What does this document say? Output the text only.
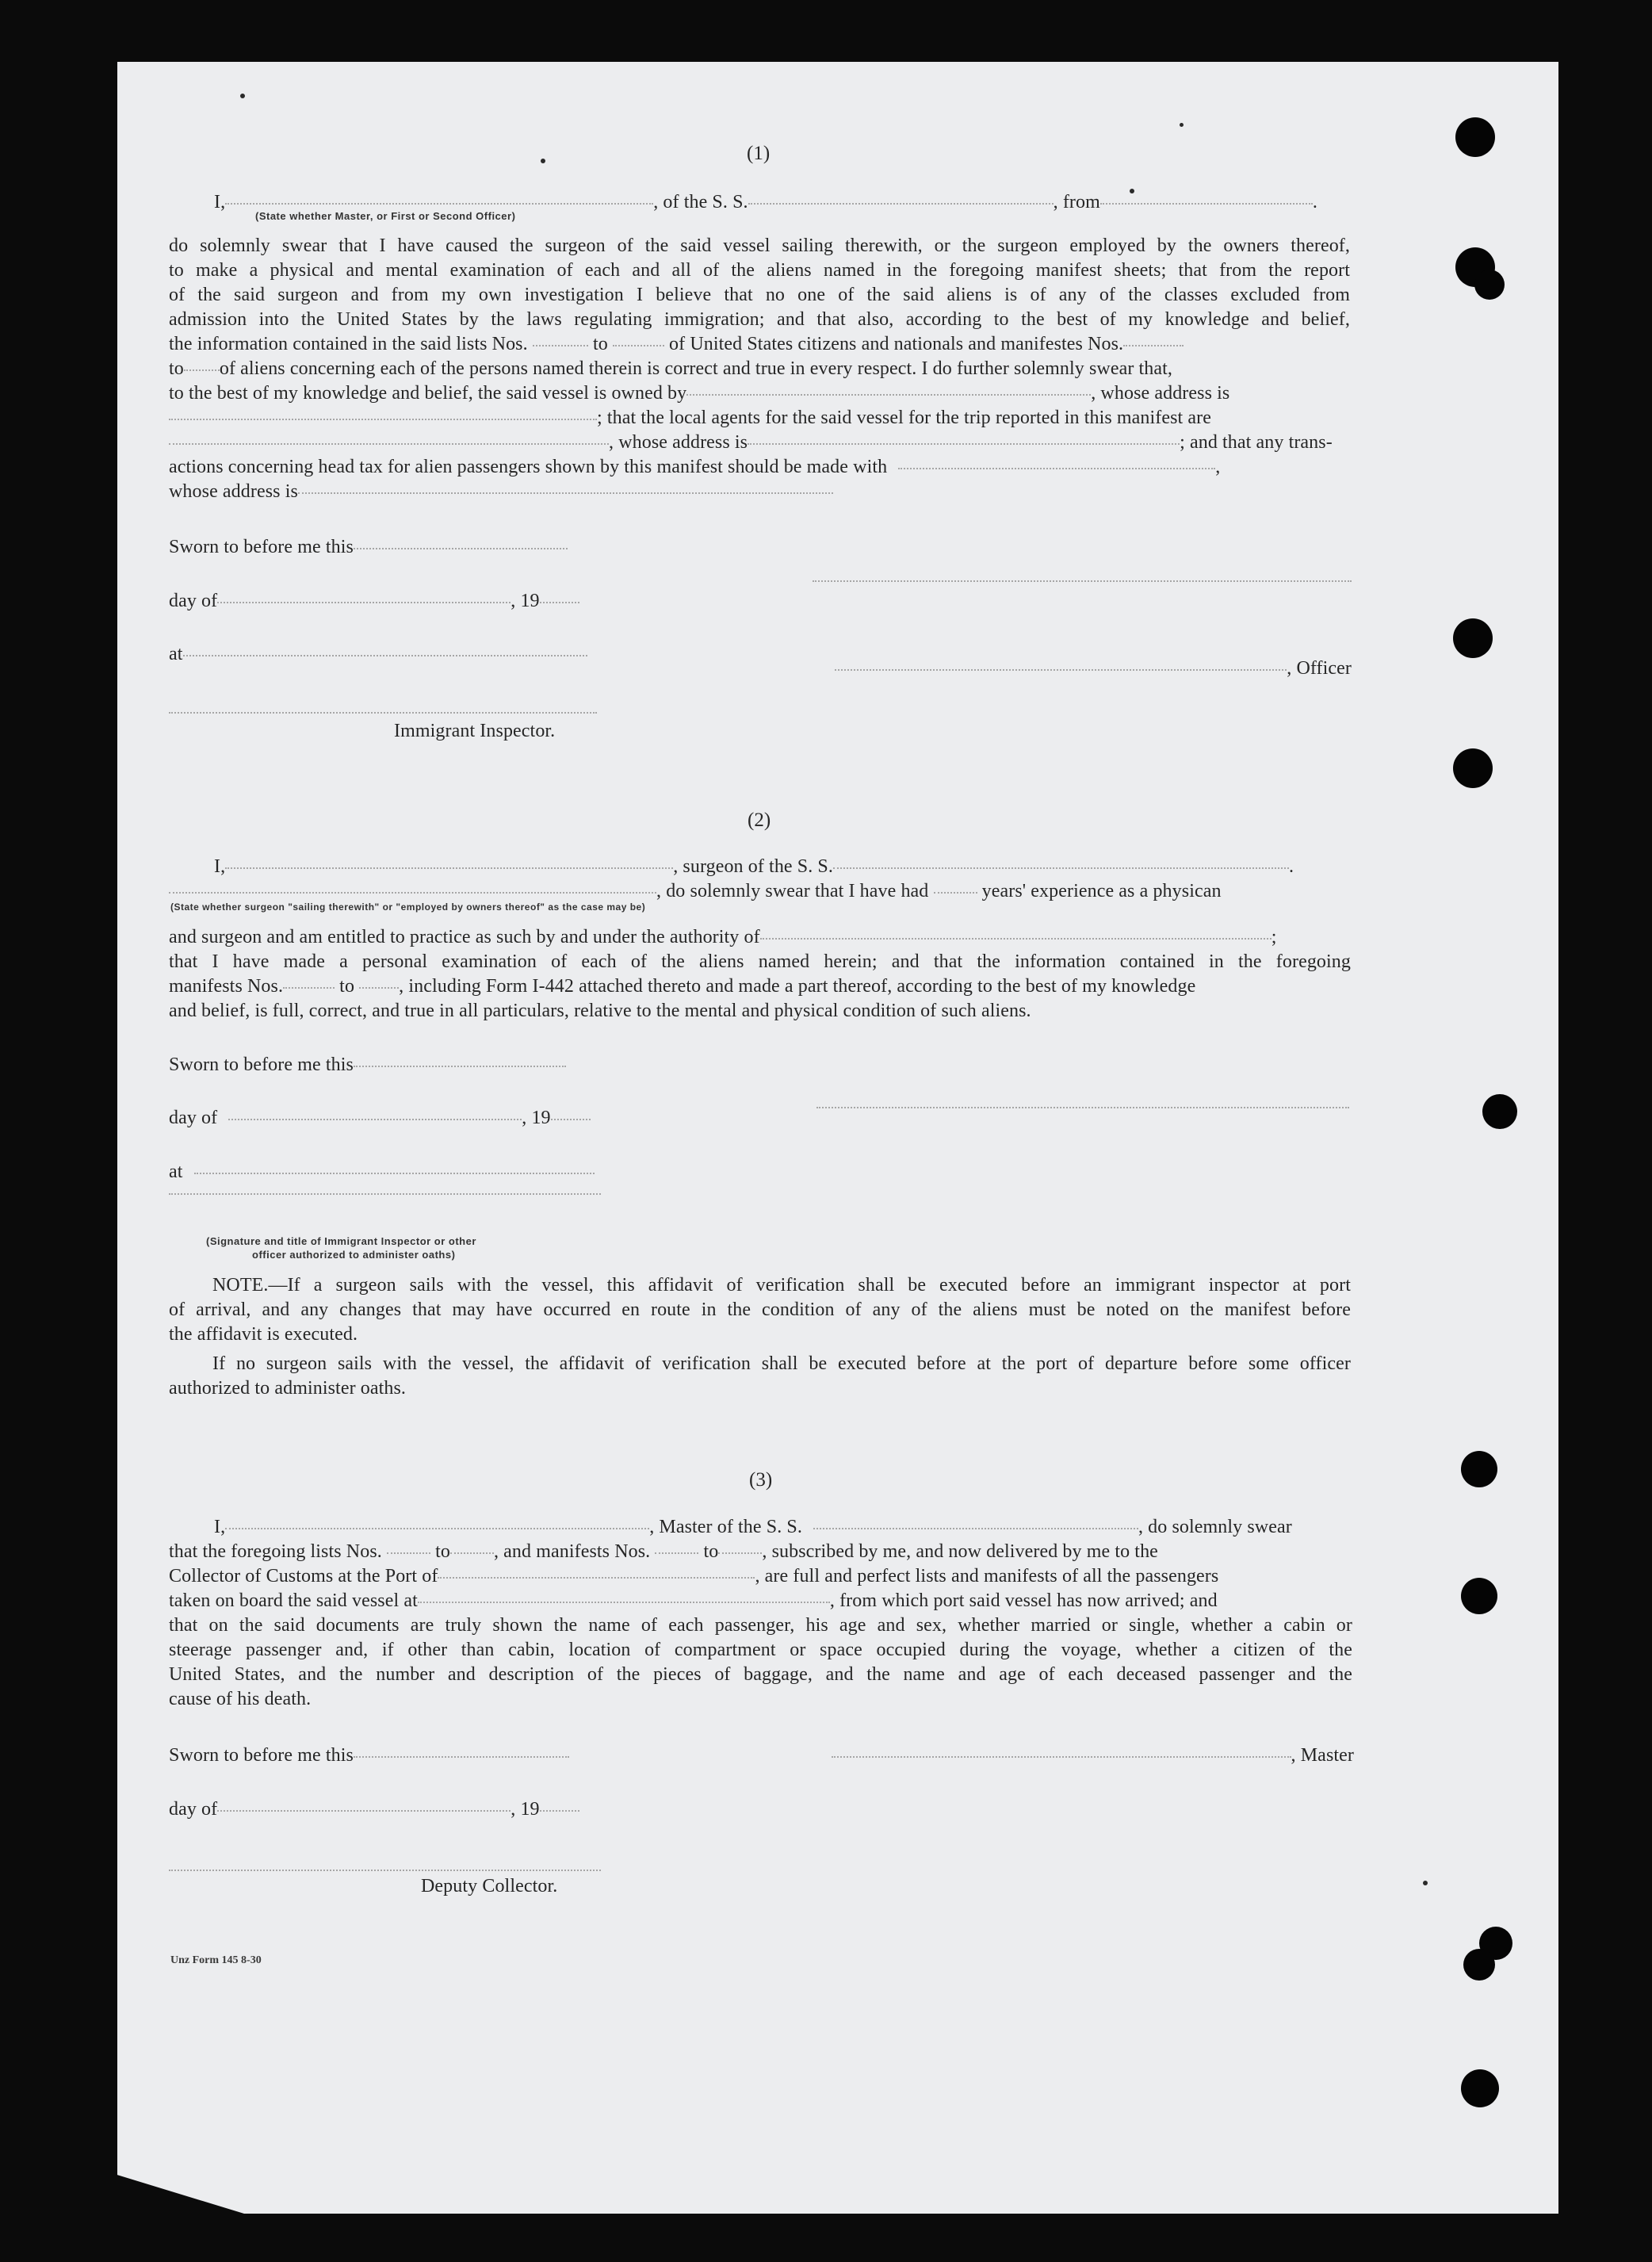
(1)
I,	, of the S. S.	, from	.
(State whether Master, or First or Second Officer)
do solemnly swear that I have caused the surgeon of the said vessel sailing therewith, or the surgeon employed by the owners thereof,
to make a physical and mental examination of each and all of the aliens named in the foregoing manifest sheets; that from the report
of the said surgeon and from my own investigation I believe that no one of the said aliens is of any of the classes excluded from
admission into the United States by the laws regulating immigration; and that also, according to the best of my knowledge and belief,
the information contained in the said lists Nos.	to	of United States citizens and nationals and manifestes Nos.
to of aliens concerning each of the persons named therein is correct and true in every respect. I do further solemnly swear that,
to the best of my knowledge and belief, the said vessel is owned by	, whose address is
; that the local agents for the said vessel for the trip reported in this manifest are
, whose address is	; and that any trans-
actions concerning head tax for alien passengers shown by this manifest should be made with	,
whose address is
Sworn to before me this
day of	, 19
at
, Officer
Immigrant Inspector.
(2)
I,	, surgeon of the S. S.	.
, do solemnly swear that I have had	years' experience as a physican
(State whether surgeon "sailing therewith" or "employed by owners thereof" as the case may be)
and surgeon and am entitled to practice as such by and under the authority of	;
that I have made a personal examination of each of the aliens named herein; and that the information contained in the foregoing
manifests Nos.	to , including Form I-442 attached thereto and made a part thereof, according to the best of my knowledge
and belief, is full, correct, and true in all particulars, relative to the mental and physical condition of such aliens.
Sworn to before me this
day of	, 19
at
(Signature and title of Immigrant Inspector or other
officer authorized to administer oaths)
NOTE.—If a surgeon sails with the vessel, this affidavit of verification shall be executed before an immigrant inspector at port
of arrival, and any changes that may have occurred en route in the condition of any of the aliens must be noted on the manifest before
the affidavit is executed.
If no surgeon sails with the vessel, the affidavit of verification shall be executed before at the port of departure before some officer
authorized to administer oaths.
(3)
I,	, Master of the S. S.	, do solemnly swear
that the foregoing lists Nos.	to , and manifests Nos.	to , subscribed by me, and now delivered by me to the
Collector of Customs at the Port of	, are full and perfect lists and manifests of all the passengers
taken on board the said vessel at	, from which port said vessel has now arrived; and
that on the said documents are truly shown the name of each passenger, his age and sex, whether married or single, whether a cabin or
steerage passenger and, if other than cabin, location of compartment or space occupied during the voyage, whether a citizen of the
United States, and the number and description of the pieces of baggage, and the name and age of each deceased passenger and the
cause of his death.
Sworn to before me this	, Master
day of	, 19
Deputy Collector.
Unz Form 145 8-30
